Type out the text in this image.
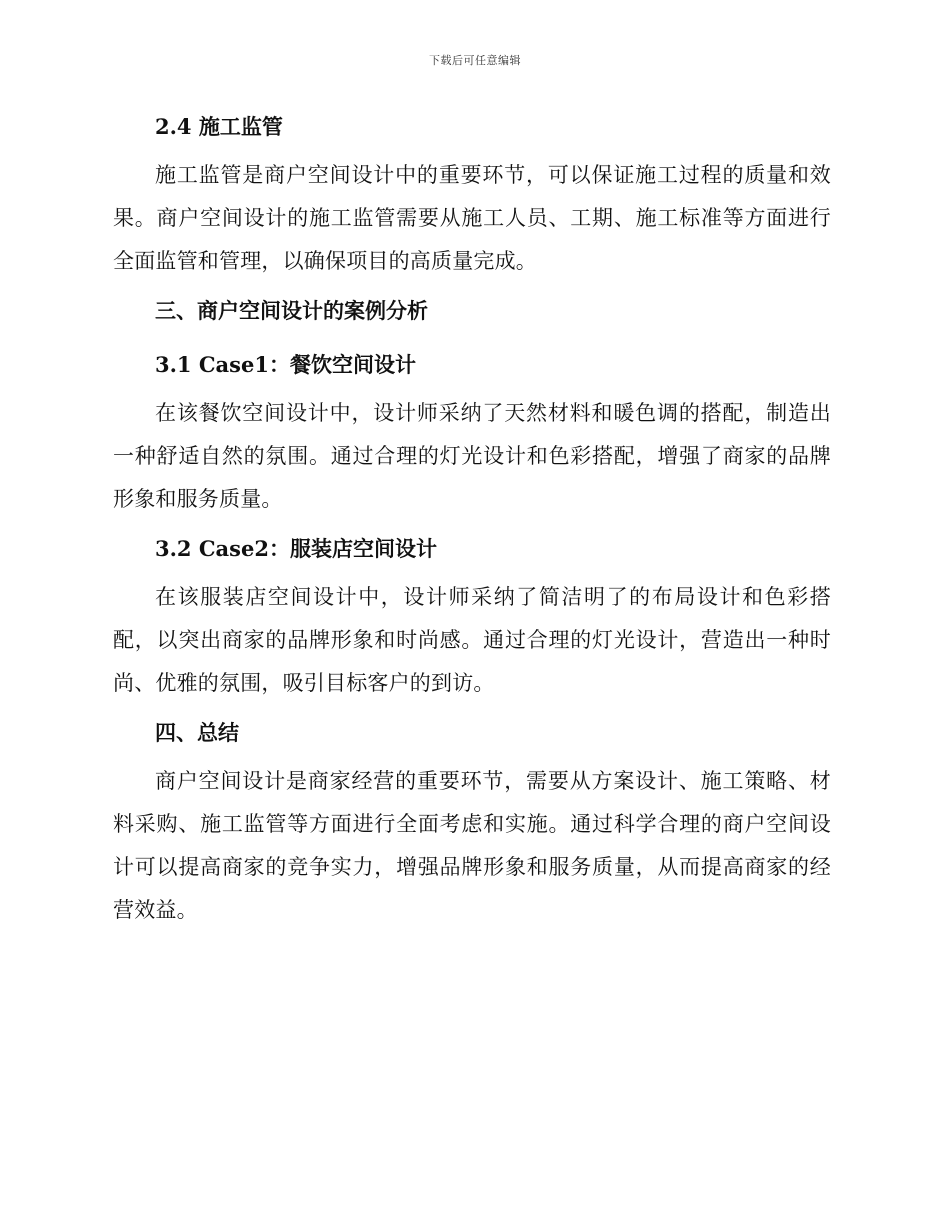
下载后可任意编辑
2.4 施工监管

施工监管是商户空间设计中的重要环节，可以保证施工过程的质量和效果。商户空间设计的施工监管需要从施工人员、工期、施工标准等方面进行全面监管和管理，以确保项目的高质量完成。

三、商户空间设计的案例分析
3.1 Case1：餐饮空间设计

在该餐饮空间设计中，设计师采纳了天然材料和暖色调的搭配，制造出一种舒适自然的氛围。通过合理的灯光设计和色彩搭配，增强了商家的品牌形象和服务质量。

3.2 Case2：服装店空间设计

在该服装店空间设计中，设计师采纳了简洁明了的布局设计和色彩搭配，以突出商家的品牌形象和时尚感。通过合理的灯光设计，营造出一种时尚、优雅的氛围，吸引目标客户的到访。

四、总结

商户空间设计是商家经营的重要环节，需要从方案设计、施工策略、材料采购、施工监管等方面进行全面考虑和实施。通过科学合理的商户空间设计可以提高商家的竞争实力，增强品牌形象和服务质量，从而提高商家的经营效益。
